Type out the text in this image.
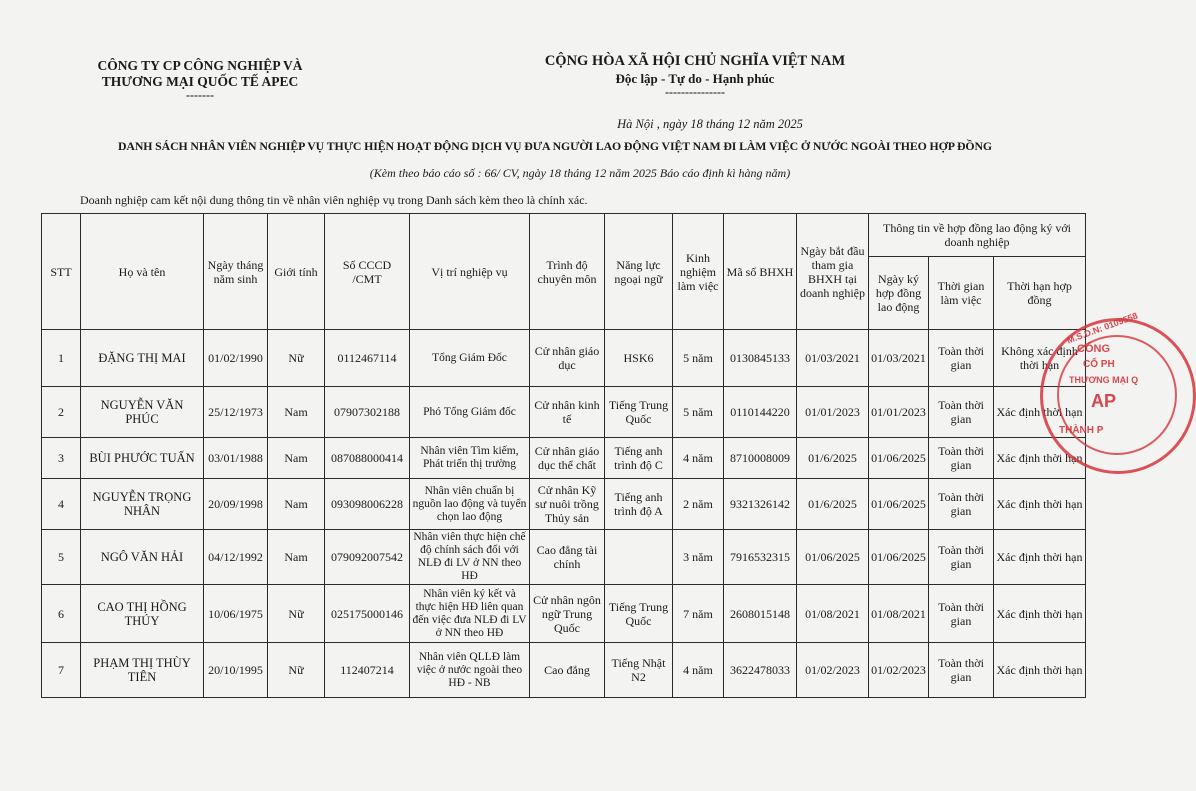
CÔNG TY CP CÔNG NGHIỆP VÀ
THƯƠNG MẠI QUỐC TẾ APEC
-------
CỘNG HÒA XÃ HỘI CHỦ NGHĨA VIỆT NAM
Độc lập - Tự do - Hạnh phúc
---------------
Hà Nội , ngày 18 tháng 12 năm 2025
DANH SÁCH NHÂN VIÊN NGHIỆP VỤ THỰC HIỆN HOẠT ĐỘNG DỊCH VỤ ĐƯA NGƯỜI LAO ĐỘNG VIỆT NAM ĐI LÀM VIỆC Ở NƯỚC NGOÀI THEO HỢP ĐỒNG
(Kèm theo báo cáo số : 66/ CV, ngày 18 tháng 12 năm 2025 Báo cáo định kì hàng năm)
Doanh nghiệp cam kết nội dung thông tin về nhân viên nghiệp vụ trong Danh sách kèm theo là chính xác.
STT	Họ và tên	Ngày tháng năm sinh	Giới tính	Số CCCD /CMT	Vị trí nghiệp vụ	Trình độ chuyên môn	Năng lực ngoại ngữ	Kinh nghiệm làm việc	Mã số BHXH	Ngày bắt đầu tham gia BHXH tại doanh nghiệp	Thông tin về hợp đồng lao động ký với doanh nghiệp		
											Ngày ký hợp đồng lao động	Thời gian làm việc	Thời hạn hợp đồng
1	ĐẶNG THỊ MAI	01/02/1990	Nữ	0112467114	Tổng Giám Đốc	Cử nhân giáo dục	HSK6	5 năm	0130845133	01/03/2021	01/03/2021	Toàn thời gian	Không xác định thời hạn
2	NGUYỄN VĂN PHÚC	25/12/1973	Nam	07907302188	Phó Tổng Giám đốc	Cử nhân kinh tế	Tiếng Trung Quốc	5 năm	0110144220	01/01/2023	01/01/2023	Toàn thời gian	Xác định thời hạn
3	BÙI PHƯỚC TUẤN	03/01/1988	Nam	087088000414	Nhân viên Tìm kiếm, Phát triển thị trường	Cử nhân giáo dục thể chất	Tiếng anh trình độ C	4 năm	8710008009	01/6/2025	01/06/2025	Toàn thời gian	Xác định thời hạn
4	NGUYỄN TRỌNG NHÂN	20/09/1998	Nam	093098006228	Nhân viên chuẩn bị nguồn lao động và tuyển chọn lao động	Cử nhân Kỹ sư nuôi trồng Thủy sản	Tiếng anh trình độ A	2 năm	9321326142	01/6/2025	01/06/2025	Toàn thời gian	Xác định thời hạn
5	NGÔ VĂN HẢI	04/12/1992	Nam	079092007542	Nhân viên thực hiện chế độ chính sách đối với NLĐ đi LV ở NN theo HĐ	Cao đẳng tài chính		3 năm	7916532315	01/06/2025	01/06/2025	Toàn thời gian	Xác định thời hạn
6	CAO THỊ HỒNG THÚY	10/06/1975	Nữ	025175000146	Nhân viên ký kết và thực hiện HĐ liên quan đến việc đưa NLĐ đi LV ở NN theo HĐ	Cử nhân ngôn ngữ Trung Quốc	Tiếng Trung Quốc	7 năm	2608015148	01/08/2021	01/08/2021	Toàn thời gian	Xác định thời hạn
7	PHẠM THỊ THÙY TIÊN	20/10/1995	Nữ	112407214	Nhân viên QLLĐ làm việc ở nước ngoài theo HĐ - NB	Cao đẳng	Tiếng Nhật N2	4 năm	3622478033	01/02/2023	01/02/2023	Toàn thời gian	Xác định thời hạn
M.S.D.N: 0109558
CÔNG
CỔ PH
THƯƠNG MẠI Q
AP
THÀNH P
